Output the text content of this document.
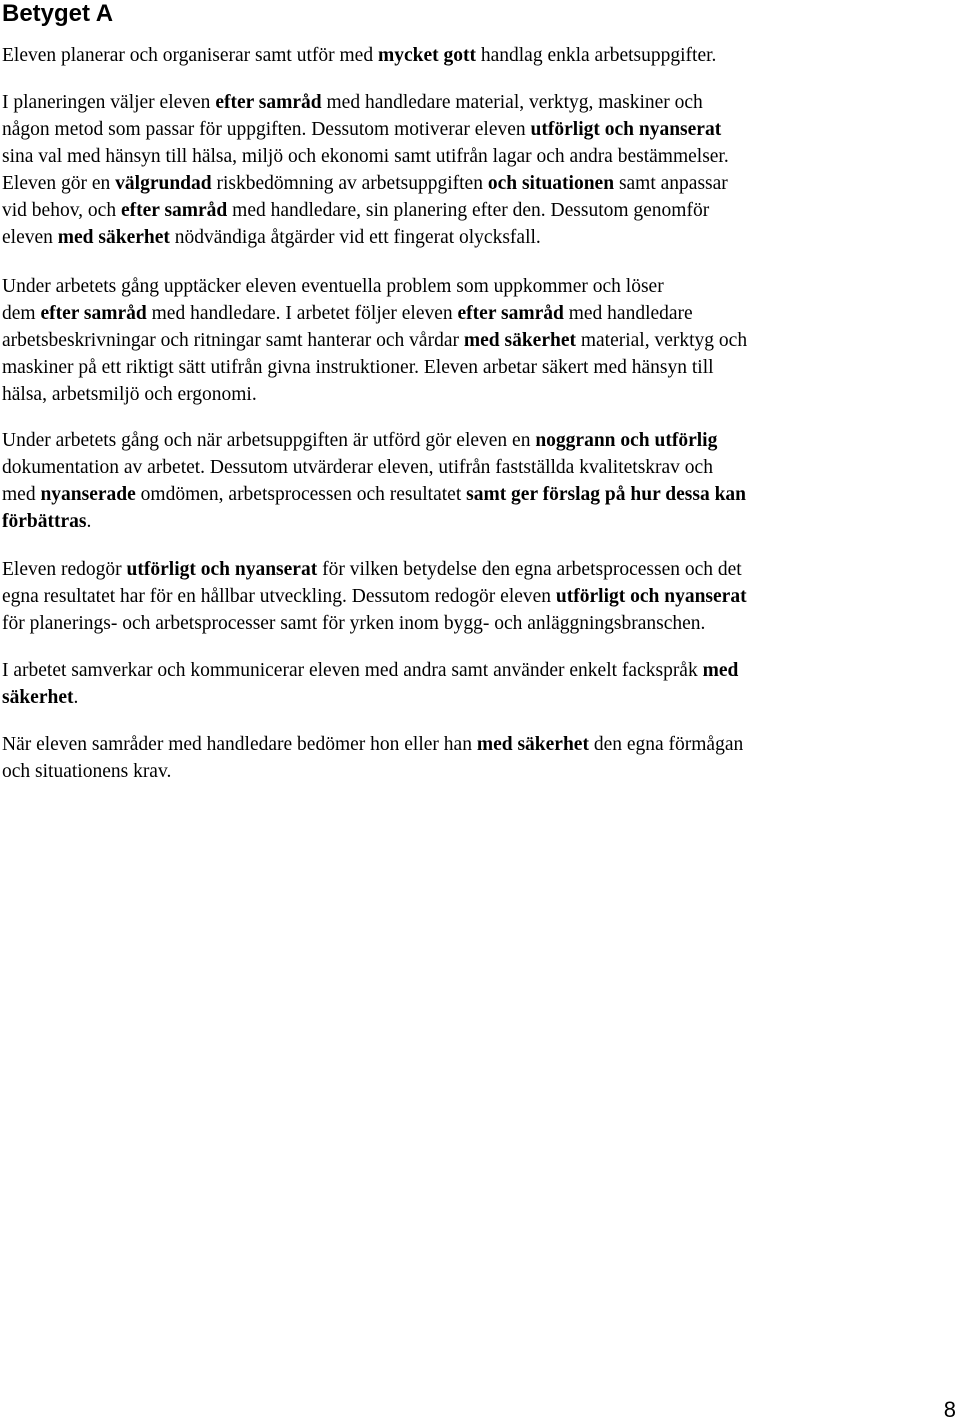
Betyget A

Eleven planerar och organiserar samt utför med mycket gott handlag enkla arbetsuppgifter.

I planeringen väljer eleven efter samråd med handledare material, verktyg, maskiner och
någon metod som passar för uppgiften. Dessutom motiverar eleven utförligt och nyanserat
sina val med hänsyn till hälsa, miljö och ekonomi samt utifrån lagar och andra bestämmelser.
Eleven gör en välgrundad riskbedömning av arbetsuppgiften och situationen samt anpassar
vid behov, och efter samråd med handledare, sin planering efter den. Dessutom genomför
eleven med säkerhet nödvändiga åtgärder vid ett fingerat olycksfall.

Under arbetets gång upptäcker eleven eventuella problem som uppkommer och löser
dem efter samråd med handledare. I arbetet följer eleven efter samråd med handledare
arbetsbeskrivningar och ritningar samt hanterar och vårdar med säkerhet material, verktyg och
maskiner på ett riktigt sätt utifrån givna instruktioner. Eleven arbetar säkert med hänsyn till
hälsa, arbetsmiljö och ergonomi.

Under arbetets gång och när arbetsuppgiften är utförd gör eleven en noggrann och utförlig
dokumentation av arbetet. Dessutom utvärderar eleven, utifrån fastställda kvalitetskrav och
med nyanserade omdömen, arbetsprocessen och resultatet samt ger förslag på hur dessa kan
förbättras.

Eleven redogör utförligt och nyanserat för vilken betydelse den egna arbetsprocessen och det
egna resultatet har för en hållbar utveckling. Dessutom redogör eleven utförligt och nyanserat
för planerings- och arbetsprocesser samt för yrken inom bygg- och anläggningsbranschen.

I arbetet samverkar och kommunicerar eleven med andra samt använder enkelt fackspråk med
säkerhet.

När eleven samråder med handledare bedömer hon eller han med säkerhet den egna förmågan
och situationens krav.

8
